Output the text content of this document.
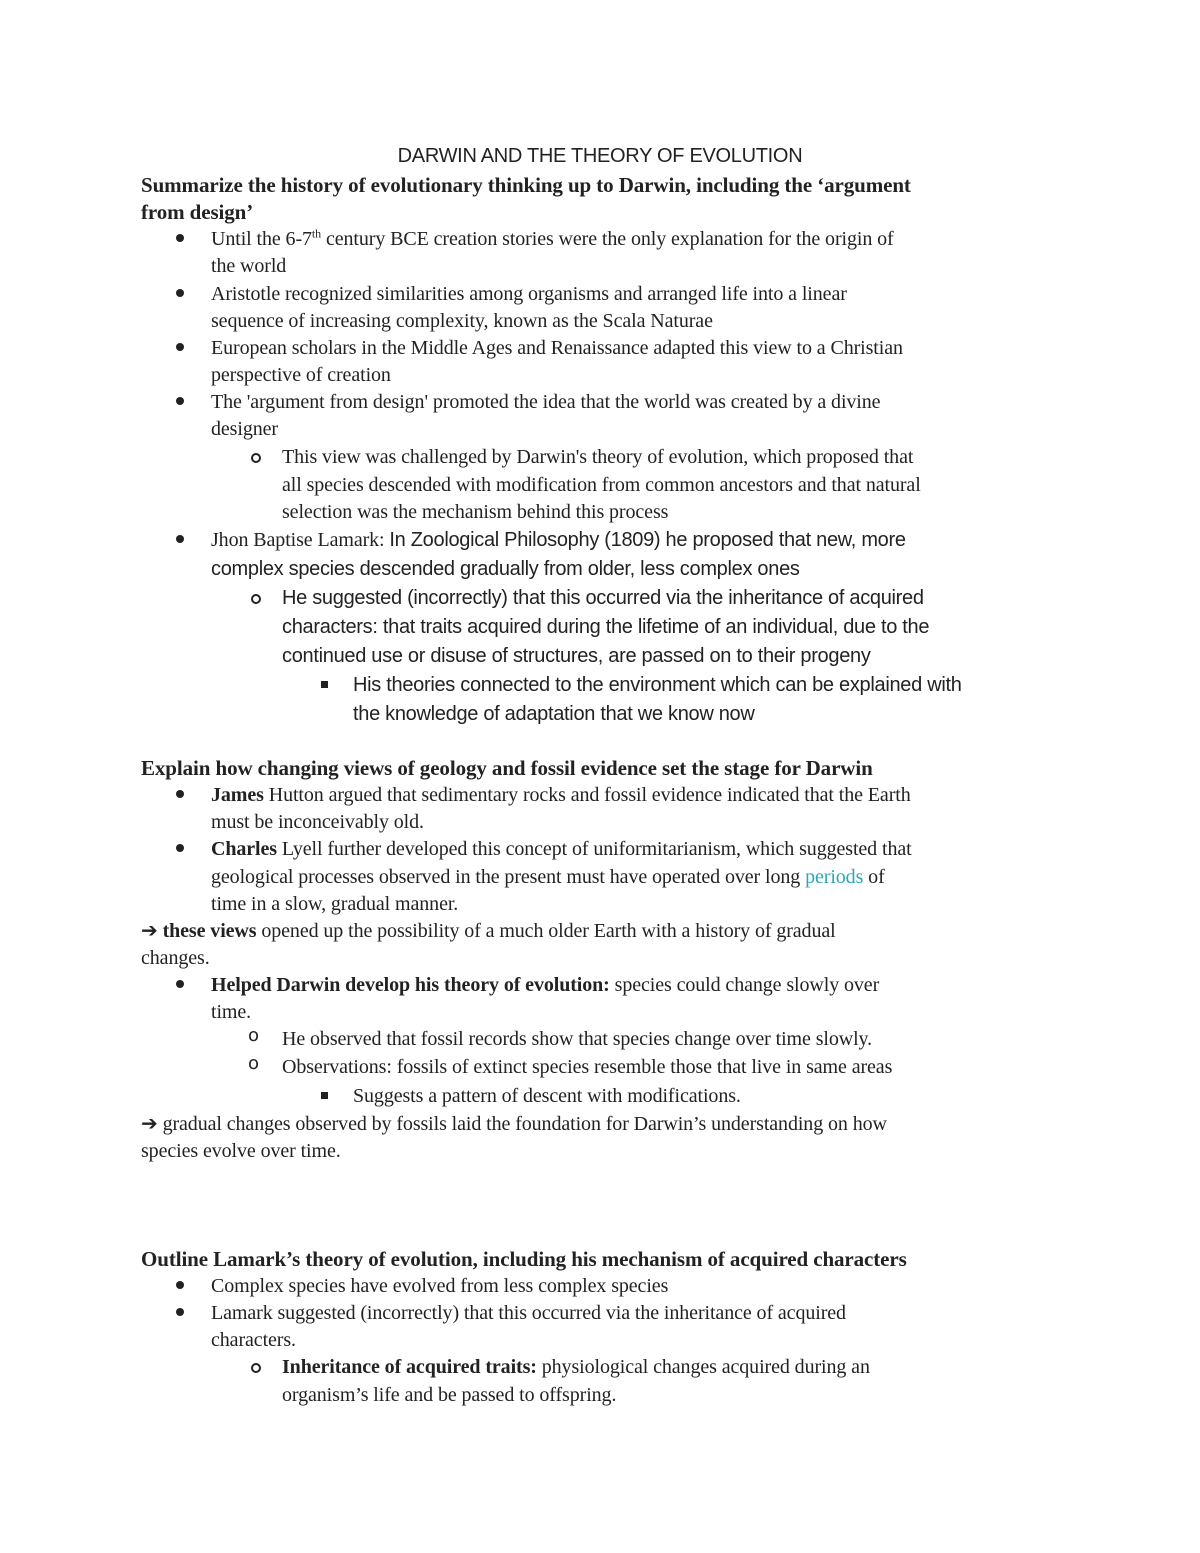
DARWIN AND THE THEORY OF EVOLUTION
Summarize the history of evolutionary thinking up to Darwin, including the ‘argument
from design’
Until the 6-7th century BCE creation stories were the only explanation for the origin of
the world
Aristotle recognized similarities among organisms and arranged life into a linear
sequence of increasing complexity, known as the Scala Naturae
European scholars in the Middle Ages and Renaissance adapted this view to a Christian
perspective of creation
The 'argument from design' promoted the idea that the world was created by a divine
designer
This view was challenged by Darwin's theory of evolution, which proposed that
all species descended with modification from common ancestors and that natural
selection was the mechanism behind this process
Jhon Baptise Lamark: In Zoological Philosophy (1809) he proposed that new, more
complex species descended gradually from older, less complex ones
He suggested (incorrectly) that this occurred via the inheritance of acquired
characters: that traits acquired during the lifetime of an individual, due to the
continued use or disuse of structures, are passed on to their progeny
His theories connected to the environment which can be explained with
the knowledge of adaptation that we know now
Explain how changing views of geology and fossil evidence set the stage for Darwin
James Hutton argued that sedimentary rocks and fossil evidence indicated that the Earth
must be inconceivably old.
Charles Lyell further developed this concept of uniformitarianism, which suggested that
geological processes observed in the present must have operated over long periods of
time in a slow, gradual manner.
➔ these views opened up the possibility of a much older Earth with a history of gradual
changes.
Helped Darwin develop his theory of evolution: species could change slowly over
time.
o He observed that fossil records show that species change over time slowly.
o Observations: fossils of extinct species resemble those that live in same areas
Suggests a pattern of descent with modifications.
➔ gradual changes observed by fossils laid the foundation for Darwin’s understanding on how
species evolve over time.
Outline Lamark’s theory of evolution, including his mechanism of acquired characters
Complex species have evolved from less complex species
Lamark suggested (incorrectly) that this occurred via the inheritance of acquired
characters.
Inheritance of acquired traits: physiological changes acquired during an
organism’s life and be passed to offspring.
